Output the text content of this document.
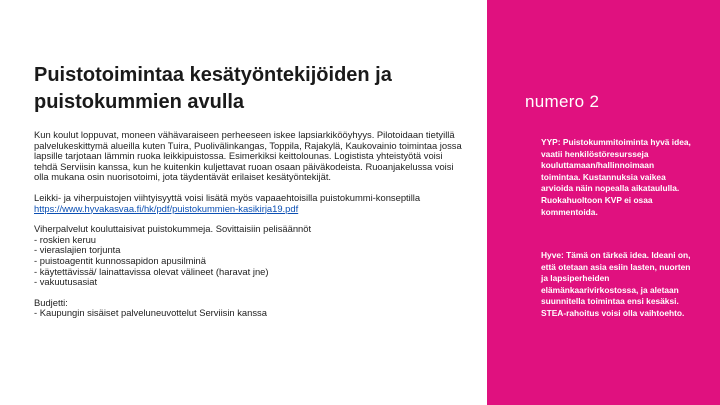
Puistotoimintaa kesätyöntekijöiden ja puistokummien avulla

Kun koulut loppuvat, moneen vähävaraiseen perheeseen iskee lapsiarkikööyhyys. Pilotoidaan tietyillä palvelukeskittymä alueilla kuten Tuira, Puolivälinkangas, Toppila, Rajakylä, Kaukovainio toimintaa jossa lapsille tarjotaan lämmin ruoka leikkipuistossa. Esimerkiksi keittolounas. Logistista yhteistyötä voisi tehdä Serviisin kanssa, kun he kuitenkin kuljettavat ruoan osaan päiväkodeista. Ruoanjakelussa voisi olla mukana osin nuorisotoimi, jota täydentävät erilaiset kesätyöntekijät.

Leikki- ja viherpuistojen viihtyisyyttä voisi lisätä myös vapaaehtoisilla puistokummi-konseptilla
https://www.hyvakasvaa.fi/hk/pdf/puistokummien-kasikirja19.pdf

Viherpalvelut kouluttaisivat puistokummeja. Sovittaisiin pelisäännöt
- roskien keruu
- vieraslajien torjunta
- puistoagentit kunnossapidon apusilminä
- käytettävissä/ lainattavissa olevat välineet (haravat jne)
- vakuutusasiat

Budjetti:
- Kaupungin sisäiset palveluneuvottelut Serviisin kanssa

numero 2
YYP: Puistokummitoiminta hyvä idea, vaatii henkilöstöresursseja kouluttamaan/hallinnoimaan toimintaa. Kustannuksia vaikea arvioida näin nopealla aikataululla. Ruokahuoltoon KVP ei osaa kommentoida.
Hyve: Tämä on tärkeä idea. Ideani on, että otetaan asia esiin lasten, nuorten ja lapsiperheiden elämänkaarivirkostossa, ja aletaan suunnitella toimintaa ensi kesäksi. STEA-rahoitus voisi olla vaihtoehto.
